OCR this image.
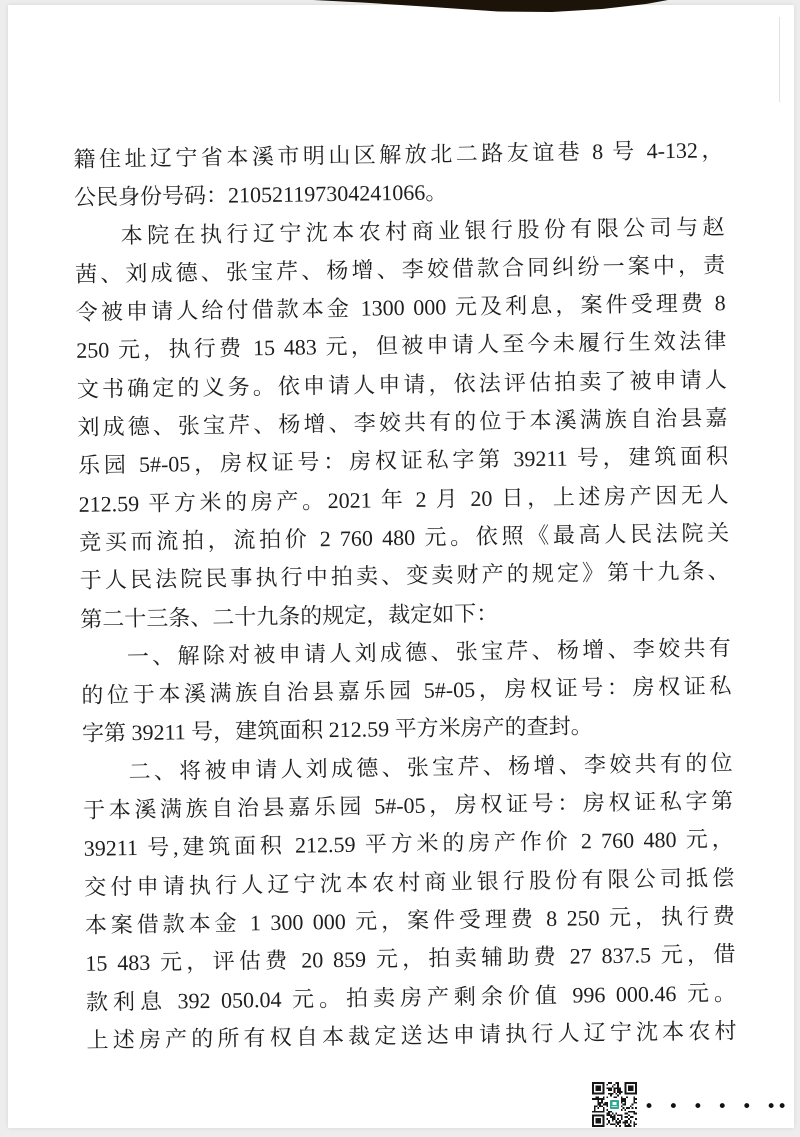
籍住址辽宁省本溪市明山区解放北二路友谊巷 8 号 4-132，
公民身份号码：210521197304241066。
本院在执行辽宁沈本农村商业银行股份有限公司与赵
茜、刘成德、张宝芹、杨增、李姣借款合同纠纷一案中，责
令被申请人给付借款本金 1300 000 元及利息，案件受理费 8
250 元，执行费 15 483 元，但被申请人至今未履行生效法律
文书确定的义务。依申请人申请，依法评估拍卖了被申请人
刘成德、张宝芹、杨增、李姣共有的位于本溪满族自治县嘉
乐园 5#-05，房权证号：房权证私字第 39211 号，建筑面积
212.59 平方米的房产。2021 年 2 月 20 日，上述房产因无人
竞买而流拍，流拍价 2 760 480 元。依照《最高人民法院关
于人民法院民事执行中拍卖、变卖财产的规定》第十九条、
第二十三条、二十九条的规定，裁定如下：
一、解除对被申请人刘成德、张宝芹、杨增、李姣共有
的位于本溪满族自治县嘉乐园 5#-05，房权证号：房权证私
字第 39211 号，建筑面积 212.59 平方米房产的查封。
二、将被申请人刘成德、张宝芹、杨增、李姣共有的位
于本溪满族自治县嘉乐园 5#-05，房权证号：房权证私字第
39211 号,建筑面积 212.59 平方米的房产作价 2 760 480 元，
交付申请执行人辽宁沈本农村商业银行股份有限公司抵偿
本案借款本金 1 300 000 元，案件受理费 8 250 元，执行费
15 483 元，评估费 20 859 元，拍卖辅助费 27 837.5 元，借
款利息 392 050.04 元。拍卖房产剩余价值 996 000.46 元。
上述房产的所有权自本裁定送达申请执行人辽宁沈本农村
• • • • • ••
